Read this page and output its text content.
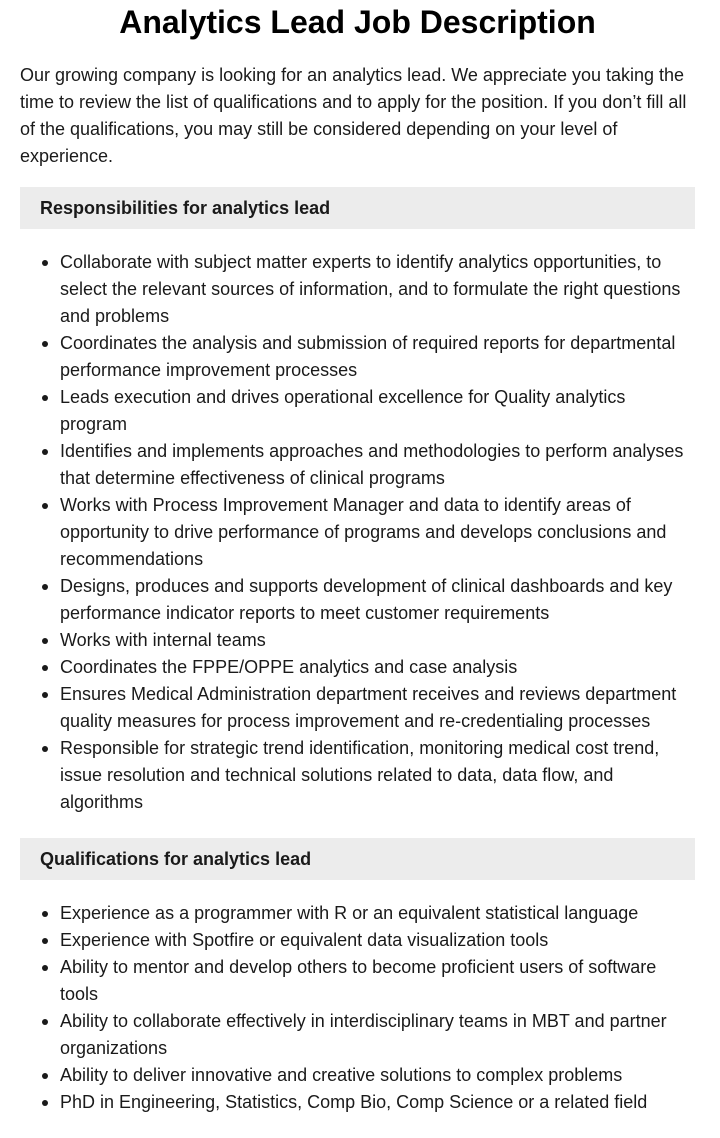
Analytics Lead Job Description

Our growing company is looking for an analytics lead. We appreciate you taking the time to review the list of qualifications and to apply for the position. If you don’t fill all of the qualifications, you may still be considered depending on your level of experience.

Responsibilities for analytics lead
Collaborate with subject matter experts to identify analytics opportunities, to select the relevant sources of information, and to formulate the right questions and problems
Coordinates the analysis and submission of required reports for departmental performance improvement processes
Leads execution and drives operational excellence for Quality analytics program
Identifies and implements approaches and methodologies to perform analyses that determine effectiveness of clinical programs
Works with Process Improvement Manager and data to identify areas of opportunity to drive performance of programs and develops conclusions and recommendations
Designs, produces and supports development of clinical dashboards and key performance indicator reports to meet customer requirements
Works with internal teams
Coordinates the FPPE/OPPE analytics and case analysis
Ensures Medical Administration department receives and reviews department quality measures for process improvement and re-credentialing processes
Responsible for strategic trend identification, monitoring medical cost trend, issue resolution and technical solutions related to data, data flow, and algorithms
Qualifications for analytics lead
Experience as a programmer with R or an equivalent statistical language
Experience with Spotfire or equivalent data visualization tools
Ability to mentor and develop others to become proficient users of software tools
Ability to collaborate effectively in interdisciplinary teams in MBT and partner organizations
Ability to deliver innovative and creative solutions to complex problems
PhD in Engineering, Statistics, Comp Bio, Comp Science or a related field
